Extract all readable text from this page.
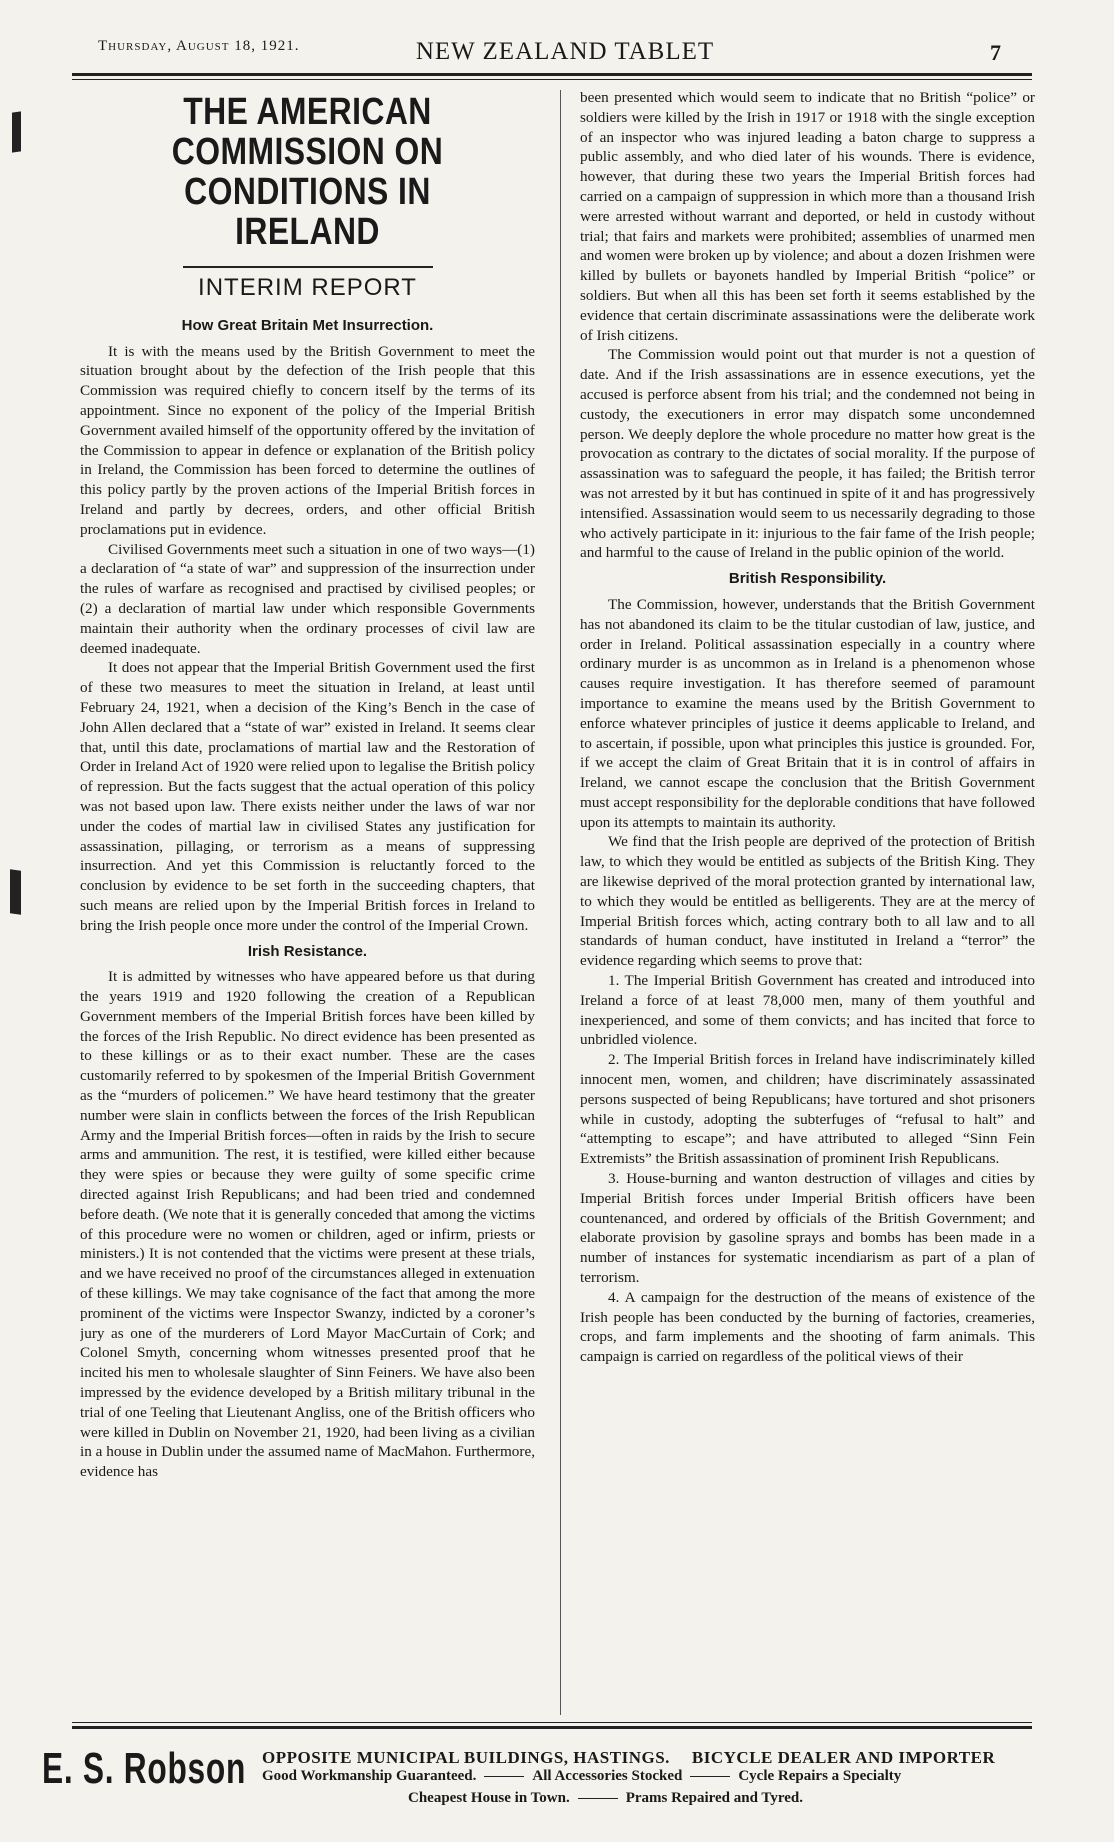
Thursday, August 18, 1921.	NEW ZEALAND TABLET	7
THE AMERICAN COMMISSION ON CONDITIONS IN IRELAND
INTERIM REPORT
How Great Britain Met Insurrection.

It is with the means used by the British Government to meet the situation brought about by the defection of the Irish people that this Commission was required chiefly to concern itself by the terms of its appointment. Since no exponent of the policy of the Imperial British Government availed himself of the opportunity offered by the invitation of the Commission to appear in defence or explanation of the British policy in Ireland, the Commission has been forced to determine the outlines of this policy partly by the proven actions of the Imperial British forces in Ireland and partly by decrees, orders, and other official British proclamations put in evidence.

Civilised Governments meet such a situation in one of two ways—(1) a declaration of “a state of war” and suppression of the insurrection under the rules of warfare as recognised and practised by civilised peoples; or (2) a declaration of martial law under which responsible Governments maintain their authority when the ordinary processes of civil law are deemed inadequate.

It does not appear that the Imperial British Government used the first of these two measures to meet the situation in Ireland, at least until February 24, 1921, when a decision of the King’s Bench in the case of John Allen declared that a “state of war” existed in Ireland. It seems clear that, until this date, proclamations of martial law and the Restoration of Order in Ireland Act of 1920 were relied upon to legalise the British policy of repression. But the facts suggest that the actual operation of this policy was not based upon law. There exists neither under the laws of war nor under the codes of martial law in civilised States any justification for assassination, pillaging, or terrorism as a means of suppressing insurrection. And yet this Commission is reluctantly forced to the conclusion by evidence to be set forth in the succeeding chapters, that such means are relied upon by the Imperial British forces in Ireland to bring the Irish people once more under the control of the Imperial Crown.

Irish Resistance.

It is admitted by witnesses who have appeared before us that during the years 1919 and 1920 following the creation of a Republican Government members of the Imperial British forces have been killed by the forces of the Irish Republic. No direct evidence has been presented as to these killings or as to their exact number. These are the cases customarily referred to by spokesmen of the Imperial British Government as the “murders of policemen.” We have heard testimony that the greater number were slain in conflicts between the forces of the Irish Republican Army and the Imperial British forces—often in raids by the Irish to secure arms and ammunition. The rest, it is testified, were killed either because they were spies or because they were guilty of some specific crime directed against Irish Republicans; and had been tried and condemned before death. (We note that it is generally conceded that among the victims of this procedure were no women or children, aged or infirm, priests or ministers.) It is not contended that the victims were present at these trials, and we have received no proof of the circumstances alleged in extenuation of these killings. We may take cognisance of the fact that among the more prominent of the victims were Inspector Swanzy, indicted by a coroner’s jury as one of the murderers of Lord Mayor MacCurtain of Cork; and Colonel Smyth, concerning whom witnesses presented proof that he incited his men to wholesale slaughter of Sinn Feiners. We have also been impressed by the evidence developed by a British military tribunal in the trial of one Teeling that Lieutenant Angliss, one of the British officers who were killed in Dublin on November 21, 1920, had been living as a civilian in a house in Dublin under the assumed name of MacMahon. Furthermore, evidence has

been presented which would seem to indicate that no British “police” or soldiers were killed by the Irish in 1917 or 1918 with the single exception of an inspector who was injured leading a baton charge to suppress a public assembly, and who died later of his wounds. There is evidence, however, that during these two years the Imperial British forces had carried on a campaign of suppression in which more than a thousand Irish were arrested without warrant and deported, or held in custody without trial; that fairs and markets were prohibited; assemblies of unarmed men and women were broken up by violence; and about a dozen Irishmen were killed by bullets or bayonets handled by Imperial British “police” or soldiers. But when all this has been set forth it seems established by the evidence that certain discriminate assassinations were the deliberate work of Irish citizens.

The Commission would point out that murder is not a question of date. And if the Irish assassinations are in essence executions, yet the accused is perforce absent from his trial; and the condemned not being in custody, the executioners in error may dispatch some uncondemned person. We deeply deplore the whole procedure no matter how great is the provocation as contrary to the dictates of social morality. If the purpose of assassination was to safeguard the people, it has failed; the British terror was not arrested by it but has continued in spite of it and has progressively intensified. Assassination would seem to us necessarily degrading to those who actively participate in it: injurious to the fair fame of the Irish people; and harmful to the cause of Ireland in the public opinion of the world.

British Responsibility.

The Commission, however, understands that the British Government has not abandoned its claim to be the titular custodian of law, justice, and order in Ireland. Political assassination especially in a country where ordinary murder is as uncommon as in Ireland is a phenomenon whose causes require investigation. It has therefore seemed of paramount importance to examine the means used by the British Government to enforce whatever principles of justice it deems applicable to Ireland, and to ascertain, if possible, upon what principles this justice is grounded. For, if we accept the claim of Great Britain that it is in control of affairs in Ireland, we cannot escape the conclusion that the British Government must accept responsibility for the deplorable conditions that have followed upon its attempts to maintain its authority.

We find that the Irish people are deprived of the protection of British law, to which they would be entitled as subjects of the British King. They are likewise deprived of the moral protection granted by international law, to which they would be entitled as belligerents. They are at the mercy of Imperial British forces which, acting contrary both to all law and to all standards of human conduct, have instituted in Ireland a “terror” the evidence regarding which seems to prove that:

1. The Imperial British Government has created and introduced into Ireland a force of at least 78,000 men, many of them youthful and inexperienced, and some of them convicts; and has incited that force to unbridled violence.

2. The Imperial British forces in Ireland have indiscriminately killed innocent men, women, and children; have discriminately assassinated persons suspected of being Republicans; have tortured and shot prisoners while in custody, adopting the subterfuges of “refusal to halt” and “attempting to escape”; and have attributed to alleged “Sinn Fein Extremists” the British assassination of prominent Irish Republicans.

3. House-burning and wanton destruction of villages and cities by Imperial British forces under Imperial British officers have been countenanced, and ordered by officials of the British Government; and elaborate provision by gasoline sprays and bombs has been made in a number of instances for systematic incendiarism as part of a plan of terrorism.

4. A campaign for the destruction of the means of existence of the Irish people has been conducted by the burning of factories, creameries, crops, and farm implements and the shooting of farm animals. This campaign is carried on regardless of the political views of their

E. S. Robson OPPOSITE MUNICIPAL BUILDINGS, HASTINGS. BICYCLE DEALER AND IMPORTER
Good Workmanship Guaranteed.	All Accessories Stocked	Cycle Repairs a Specialty
Cheapest House in Town.	Prams Repaired and Tyred.
